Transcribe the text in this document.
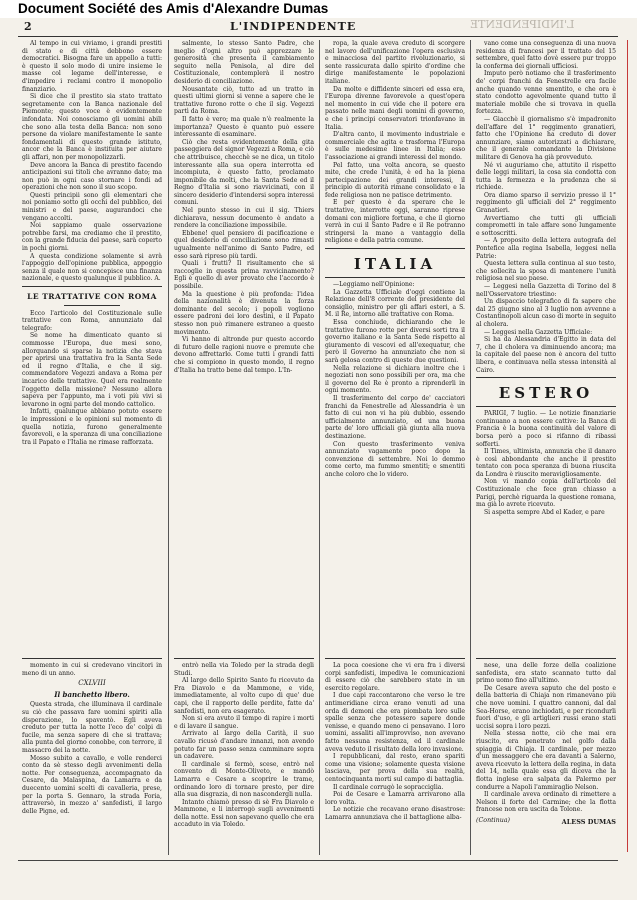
Document Société des Amis d'Alexandre Dumas
2	L'INDIPENDENTE	L'INDIPENDENTE

Al tempo in cui viviamo, i grandi prestiti di stato e di città debbono essere democratici. Bisogna fare un appello a tutti: è questo il solo modo di unire insieme le masse col legame dell'interesse, e d'impedire i reclami contro il monopolio finanziario.

Si dice che il prestito sia stato trattato segretamente con la Banca nazionale del Piemonte; questo voce è evidentemente infondata. Noi conosciamo gli uomini abili che sono alla testa della Banca: non sono persone da violare manifestamente le sante fondamentali di questo grande istituto, ancor che la Banca è instituita per aiutare gli affari, non per monopolizzarli.

Deve ancora la Banca di prestito facendo anticipazioni sui titoli che avranno dato; ma non può in ogni caso stornare i fondi ad operazioni che non sono il suo scopo.

Questi principii sono gli elementari che noi poniamo sotto gli occhi del pubblico, dei ministri e del paese, augurandoci che vengano accolti.

Noi sappiamo quale osservazione potrebbe farsi, ma crediamo che il prestito, con la grande fiducia del paese, sarà coperto in pochi giorni.

A questa condizione solamente si avrà l'appoggio dell'opinione pubblica, appoggio senza il quale non si concepisce una finanza nazionale, e questo qualunque il pubblico. A.

LE TRATTATIVE CON ROMA

Ecco l'articolo del Costituzionale sulle trattative con Roma, annunziato dal telegrafo:

Se nome ha dimenticato quanto si commosse l'Europa, due mesi sono, allorquando si sparse la notizia che stava per aprirsi una trattativa fra la Santa Sede ed il regno d'Italia, e che il sig. commendatore Vegezzi andava a Roma per incarico delle trattative. Quel era realmente l'oggetto della missione? Nessuno allora sapeva per l'appunto, ma i voti più vivi si levarono in ogni parte del mondo cattolico.

Infatti, qualunque abbiano potuto essere le impressioni e le opinioni sul momento di quella notizia, furono generalmente favorevoli, e la speranza di una conciliazione tra il Papato e l'Italia ne rimase rafforzata.

momento in cui si credevano vincitori in meno di un anno.

CXLVIII
Il banchetto libero.

Questa strada, che illuminava il cardinale su ciò che passava fare uomini spiriti alla disperazione, lo spaventò. Egli aveva creduto per tutta la notte l'eco de' colpi di fucile, ma senza sapere di che si trattava; alla punta del giorno conobbe, con terrore, il massacro dei la notte.

Mosso subito a cavallo, e volle renderci conto da sè stesso degli avvenimenti della notte. Per conseguenza, accompagnato da Cesare, da Malaspina, da Lamarra e da duecento uomini scelti di cavalleria, prese, per la porta S. Gennaro, la strada Foria, attraversò, in mezzo a' sanfedisti, il largo delle Pigne, ed.

salmente, lo stesso Santo Padre, che meglio d'ogni altro può apprezzare le generosità che presenta il cambiamento seguito nella Penisola, al dire del Costituzionale, contemplerà il nostro desiderio di conciliazione.

Nousantate ciò, tutto ad un tratto in questi ultimi giorni si venne a sapere che le trattative furono rotte o che il sig. Vegezzi partì da Roma.

Il fatto è vero; ma quale n'è realmente la importanza? Questo è quanto può essere interessante di esaminare.

Ciò che resta evidentemente della gita passeggiera del signor Vegezzi a Roma, e ciò che attribuisce, checchè se ne dica, un titolo interessante alla sua opera interrotta ed incompiuta, è questo fatto, proclamato imponibile da molti, che la Santa Sede ed il Regno d'Italia si sono riavvicinati, con il sincero desiderio d'intendersi sopra interessi comuni.

Nel punto stesso in cui il sig. Thiers dichiarava, nessun documento è andato a rendere la conciliazione impossibile.

Ebbene! quel pensiero di pacificazione e quel desiderio di conciliazione sono rimasti ugualmente nell'animo di Santo Padre, ed esso sarà ripreso più tardi.

Quali i frutti? Il risultamento che si raccoglie in questa prima ravvicinamento? Egli è quello di aver provato che l'accordo è possibile.

Ma la questione è più profonda: l'idea della nazionalità è divenuta la forza dominante del secolo; i popoli vogliono essere padroni dei loro destini, e il Papato stesso non può rimanere estraneo a questo movimento.

Vi hanno di altronde pur questo accordo di futuro delle ragioni nuove e premute che devono affrettarlo. Come tutti i grandi fatti che si compiono in questo mondo, il regno d'Italia ha tratto bene dal tempo. L'In-

entrò nella via Toledo per la strada degli Studi.

Al largo dello Spirito Santo fu ricevuto da Fra Diavolo e da Mammone, e vide, immediatamente, al volto cupo di que' due capi, che il rapporto delle perdite, fatte da' sanfedisti, non era esagerato.

Non si era avuto il tempo di rapire i morti e di lavare il sangue.

Arrivato al largo della Carità, il suo cavallo ricusò d'andare innanzi, non avendo potuto far un passo senza camminare sopra un cadavere.

Il cardinale si fermò, scese, entrò nel convento di Monte-Oliveto, e mandò Lamarra e Cesare a scoprire le trame, ordinando loro di tornare presto, per dire alla sua disgrazia, di non nascondergli nulla.

Intanto chiamò presso di sè Fra Diavolo e Mammone, e li interrogò sugli avvenimenti della notte. Essi non sapevano quello che era accaduto in via Toledo.

ropa, la quale aveva creduto di scorgere nel lavoro dell'unificazione l'opera esclusiva e minacciosa del partito rivoluzionario, si sente rassicurata dallo spirito d'ordine che dirige manifestamente le popolazioni italiane.

Da molte e diffidente sinceri ed essa era, l'Europa divenne favorevole a quest'opera nel momento in cui vide che il potere era passato nelle mani degli uomini di governo, e che i principi conservatori trionfavano in Italia.

D'altra canto, il movimento industriale e commerciale che agita e trasforma l'Europa è sulle medesime linee in Italia; esso l'associazione ai grandi interessi del mondo.

Pel fatto, una volta ancora, se questo mite, che crede l'unità, è ed ha la piena partecipazione dei grandi interessi, il principio di autorità rimane consolidato e la fede religiosa non ne patisce detrimento.

E per questo è da sperare che le trattative, interrotte oggi, saranno riprese domani con migliore fortuna, e che il giorno verrà in cui il Santo Padre e il Re potranno stringersi la mano a vantaggio della religione e della patria comune.

ITALIA

—Leggiamo nell'Opinione:

La Gazzetta Ufficiale d'oggi contiene la Relazione dell'8 corrente del presidente del consiglio, ministro per gli affari esteri, a S. M. il Re, intorno alle trattative con Roma.

Essa conchiude, dichiarando che le trattative furono rotte per diversi sorti tra il governo italiano e la Santa Sede rispetto al giuramento di vescovi ed all'exequatur, che però il Governo ha annunziato che non si sarà gelosa contro di queste due questioni.

Nella relazione si dichiara inoltre che i negoziati non sono possibili per ora, ma che il governo del Re è pronto a riprenderli in ogni momento.

Il trasferimento del corpo de' cacciatori franchi da Fenestrelle ad Alessandria è un fatto di cui non vi ha più dubbio, essendo ufficialmente annunziato, ed una buona parte de' loro ufficiali già giunta alla nuova destinazione.

Con questo trasferimento veniva annunziato vagamente poco dopo la convenzione di settembre. Noi lo demmo come certo, ma fummo smentiti; e smentiti anche coloro che lo videro.

La poca coesione che vi era fra i diversi corpi sanfedisti, impediva le comunicazioni di essere ciò che sarebbero state in un esercito regolare.

I due capi raccontarono che verso le tre antimeridiane circa erano venuti ad una orda di demoni che era piombata loro sulle spalle senza che potessero sapere donde venisse, e quando meno ci pensavano. I loro uomini, assaliti all'improvviso, non avevano fatto nessuna resistenza, ed il cardinale aveva veduto il risultato della loro invasione.

I repubblicani, dal resto, erano spariti come una visione; solamente questa visione lasciava, per prova della sua realtà, centocinquanta morti sul campo di battaglia.

Il cardinale corrugò le sopracciglia.

Poi de Cesare e Lamarra arrivarono alla loro volta.

Le notizie che recavano erano disastrose: Lamarra annunziava che il battaglione alba-

vano come una conseguenza di una nuova residenza di francesi per il trattato del 15 settembre, quel fatto dovè essere pur troppo la conferma dei giornali ufficiosi.

Imputo però notiamo che il trasferimento de' corpi franchi da Fenestrelle era facile anche quando venne smentito, e che ora è stato condotto agevolmente quand tutto il materiale mobile che si trovava in quella fortezza.

— Giacchè il giornalismo s'è impadronito dell'affare del 1° reggimento granatieri, fatto che l'Opinione ha creduto di dover annunziare, siamo autorizzati a dichiarare, che il generale comandante la Divisione militare di Genova ha già provveduto.

Né vi auguriamo che, attutito il rispetto delle leggi militari, la cosa sia condotta con tutta la fermezza e la prudenza che si richiede.

Ora diamo sparso il servizio presso il 1° reggimento gli ufficiali del 2° reggimento Granatieri.

Avvertiamo che tutti gli ufficiali comprometti in tale affare sono lungamente e sottoscritti.

— A proposito della lettera autografa del Pontefice alla regina Isabella, leggesi nella Patrie:

Questa lettera sulla continua al suo testo, che sollecita la sposa di mantenere l'unità religiosa nel suo paese.

— Leggesi nella Gazzetta di Torino del 8 nell'Osservatore triestino:

Un dispaccio telegrafico di fa sapere che dal 25 giugno sino al 3 luglio non avvenne a Costantinopoli alcun caso di morte in seguito al cholera.

— Leggesi nella Gazzetta Ufficiale:

Si ha da Alessandria d'Egitto in data del 7, che il cholera va diminuendo ancora; ma la capitale del paese non è ancora del tutto libera, e continuava nella stessa intensità al Cairo.

ESTERO

PARIGI, 7 luglio. — Le notizie finanziarie continuano a non essere cattive: la Banca di Francia è la buona continuità del valore di borsa però a poco si rifanno di ribassi sofferti.

Il Times, ultimista, annunzia che il danaro è così abbondante che anche il prestito tentato con poca speranza di buona riuscita da Londra è riuscito meravigliosamente.

Non vi mando copia dell'articolo del Costituzionale che fece gran chiasso a Parigi, perchè riguarda la questione romana, ma già lo avrete ricevuto.

Si aspetta sempre Abd el Kader, e pare

nese, una delle forze della coalizione sanfedista, era stato scannato tutto dal primo uomo fino all'ultimo.

De Cesare aveva saputo che del posto e della batteria di Chiaja non rimanevano più che nove uomini. I quattro cannoni, dal dal Sea-Horse, erano inchiodati, e per ricondurli fuori d'uso, e gli artiglieri russi erano stati uccisi sopra i loro pezzi.

Nella stessa notte, ciò che mai era riuscito, era penetrato nel golfo dalla spiaggia di Chiaja. Il cardinale, per mezzo d'un messaggero che era davanti a Salerno, aveva ricevuto la lettera della regina, in data del 14, nella quale essa gli diceva che la flotta inglese era salpata da Palermo per condurre a Napoli l'ammiraglio Nelson.

Il cardinale aveva ordinato di rimettere a Nelson il forte del Carmine; che la flotta francese non era uscita da Tolone.

(Continua)	ALESS DUMAS
